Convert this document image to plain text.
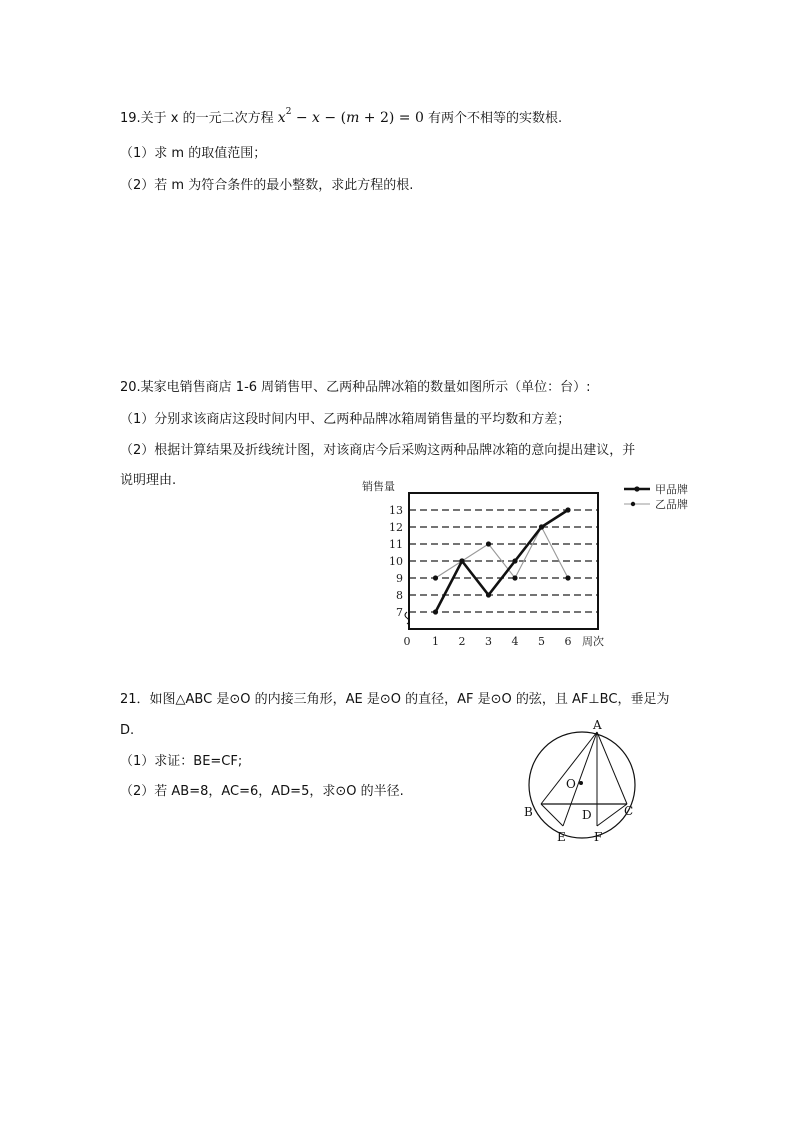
19.关于 x 的一元二次方程 $x^2 - x - (m + 2) = 0$ 有两个不相等的实数根.
（1）求 m 的取值范围；
（2）若 m 为符合条件的最小整数，求此方程的根.
20.某家电销售商店 1-6 周销售甲、乙两种品牌冰箱的数量如图所示（单位：台）:
（1）分别求该商店这段时间内甲、乙两种品牌冰箱周销售量的平均数和方差；
（2）根据计算结果及折线统计图，对该商店今后采购这两种品牌冰箱的意向提出建议，并
说明理由.	销售量
周次
7
8
9
10
11
12
13
0 1 2 3 4 5 6
甲品牌
乙品牌
21．如图△ABC 是⊙O 的内接三角形，AE 是⊙O 的直径，AF 是⊙O 的弦，且 AF⊥BC，垂足为
D.
（1）求证：BE=CF;
（2）若 AB=8，AC=6，AD=5，求⊙O 的半径.
A
O
B	C
D
E F
